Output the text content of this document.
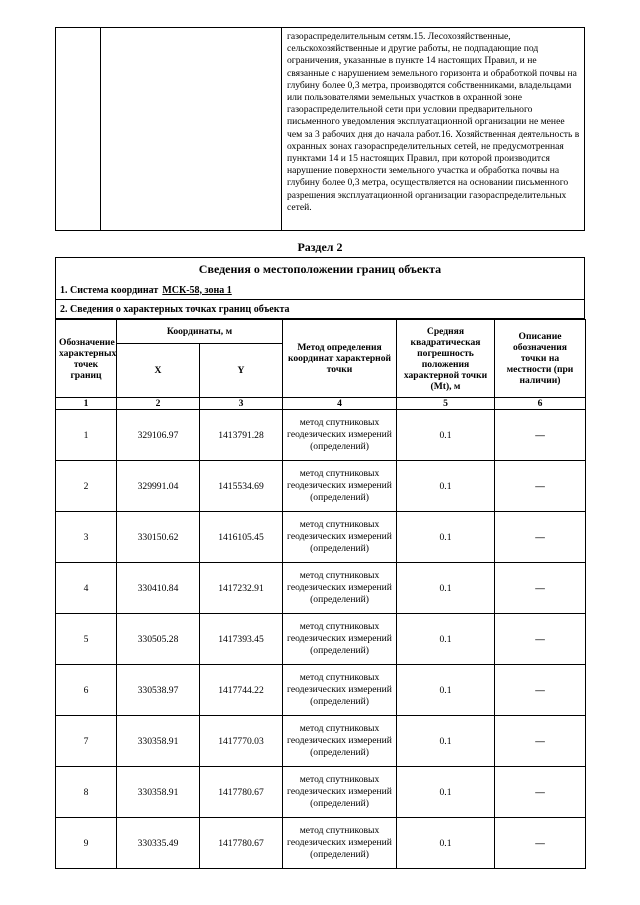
газораспределительным сетям.15. Лесохозяйственные, сельскохозяйственные и другие работы, не подпадающие под ограничения, указанные в пункте 14 настоящих Правил, и не связанные с нарушением земельного горизонта и обработкой почвы на глубину более 0,3 метра, производятся собственниками, владельцами или пользователями земельных участков в охранной зоне газораспределительной сети при условии предварительного письменного уведомления эксплуатационной организации не менее чем за 3 рабочих дня до начала работ.16. Хозяйственная деятельность в охранных зонах газораспределительных сетей, не предусмотренная пунктами 14 и 15 настоящих Правил, при которой производится нарушение поверхности земельного участка и обработка почвы на глубину более 0,3 метра, осуществляется на основании письменного разрешения эксплуатационной организации газораспределительных сетей.
Раздел 2
Сведения о местоположении границ объекта
1. Система координат МСК-58, зона 1
2. Сведения о характерных точках границ объекта
Обозначение характерных точек границ	Координаты, м		Метод определения координат характерной точки	Средняя квадратическая погрешность положения характерной точки (Mt), м	Описание обозначения точки на местности (при наличии)
	X	Y			
1	2	3	4	5	6
1	329106.97	1413791.28	метод спутниковых геодезических измерений (определений)	0.1	—
2	329991.04	1415534.69	метод спутниковых геодезических измерений (определений)	0.1	—
3	330150.62	1416105.45	метод спутниковых геодезических измерений (определений)	0.1	—
4	330410.84	1417232.91	метод спутниковых геодезических измерений (определений)	0.1	—
5	330505.28	1417393.45	метод спутниковых геодезических измерений (определений)	0.1	—
6	330538.97	1417744.22	метод спутниковых геодезических измерений (определений)	0.1	—
7	330358.91	1417770.03	метод спутниковых геодезических измерений (определений)	0.1	—
8	330358.91	1417780.67	метод спутниковых геодезических измерений (определений)	0.1	—
9	330335.49	1417780.67	метод спутниковых геодезических измерений (определений)	0.1	—
